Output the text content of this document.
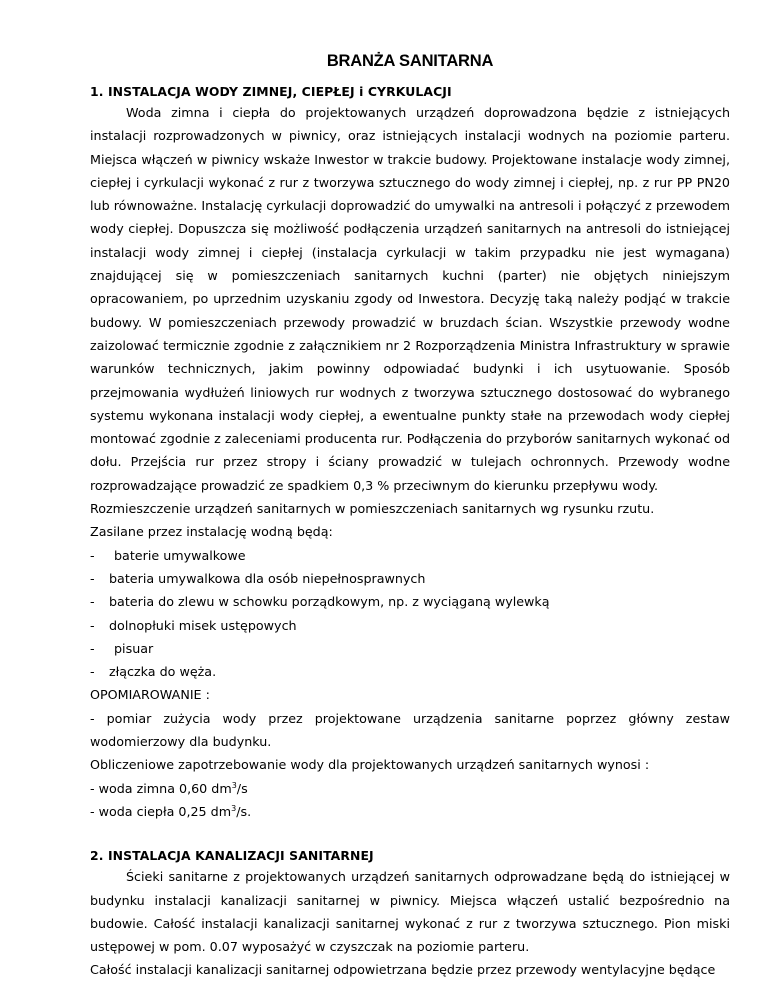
BRANŻA SANITARNA
1. INSTALACJA WODY ZIMNEJ, CIEPŁEJ i CYRKULACJI

Woda zimna i ciepła do projektowanych urządzeń doprowadzona będzie z istniejących instalacji rozprowadzonych w piwnicy, oraz istniejących instalacji wodnych na poziomie parteru. Miejsca włączeń w piwnicy wskaże Inwestor w trakcie budowy. Projektowane instalacje wody zimnej, ciepłej i cyrkulacji wykonać z rur z tworzywa sztucznego do wody zimnej i ciepłej, np. z rur PP PN20 lub równoważne. Instalację cyrkulacji doprowadzić do umywalki na antresoli i połączyć z przewodem wody ciepłej. Dopuszcza się możliwość podłączenia urządzeń sanitarnych na antresoli do istniejącej instalacji wody zimnej i ciepłej (instalacja cyrkulacji w takim przypadku nie jest wymagana) znajdującej się w pomieszczeniach sanitarnych kuchni (parter) nie objętych niniejszym opracowaniem, po uprzednim uzyskaniu zgody od Inwestora. Decyzję taką należy podjąć w trakcie budowy. W pomieszczeniach przewody prowadzić w bruzdach ścian. Wszystkie przewody wodne zaizolować termicznie zgodnie z załącznikiem nr 2 Rozporządzenia Ministra Infrastruktury w sprawie warunków technicznych, jakim powinny odpowiadać budynki i ich usytuowanie. Sposób przejmowania wydłużeń liniowych rur wodnych z tworzywa sztucznego dostosować do wybranego systemu wykonana instalacji wody ciepłej, a ewentualne punkty stałe na przewodach wody ciepłej montować zgodnie z zaleceniami producenta rur. Podłączenia do przyborów sanitarnych wykonać od dołu. Przejścia rur przez stropy i ściany prowadzić w tulejach ochronnych. Przewody wodne rozprowadzające prowadzić ze spadkiem 0,3 % przeciwnym do kierunku przepływu wody.

Rozmieszczenie urządzeń sanitarnych w pomieszczeniach sanitarnych wg rysunku rzutu.

Zasilane przez instalację wodną będą:

-	baterie umywalkowe
-	bateria umywalkowa dla osób niepełnosprawnych
-	bateria do zlewu w schowku porządkowym, np. z wyciąganą wylewką
-	dolnopłuki misek ustępowych
-	pisuar
-	złączka do węża.

OPOMIAROWANIE :

- pomiar zużycia wody przez projektowane urządzenia sanitarne poprzez główny zestaw wodomierzowy dla budynku.

Obliczeniowe zapotrzebowanie wody dla projektowanych urządzeń sanitarnych wynosi :

- woda zimna 0,60 $dm^3/s$

- woda ciepła 0,25 $dm^3/s$.

2. INSTALACJA KANALIZACJI SANITARNEJ

Ścieki sanitarne z projektowanych urządzeń sanitarnych odprowadzane będą do istniejącej w budynku instalacji kanalizacji sanitarnej w piwnicy. Miejsca włączeń ustalić bezpośrednio na budowie. Całość instalacji kanalizacji sanitarnej wykonać z rur z tworzywa sztucznego. Pion miski ustępowej w pom. 0.07 wyposażyć w czyszczak na poziomie parteru.

Całość instalacji kanalizacji sanitarnej odpowietrzana będzie przez przewody wentylacyjne będące
